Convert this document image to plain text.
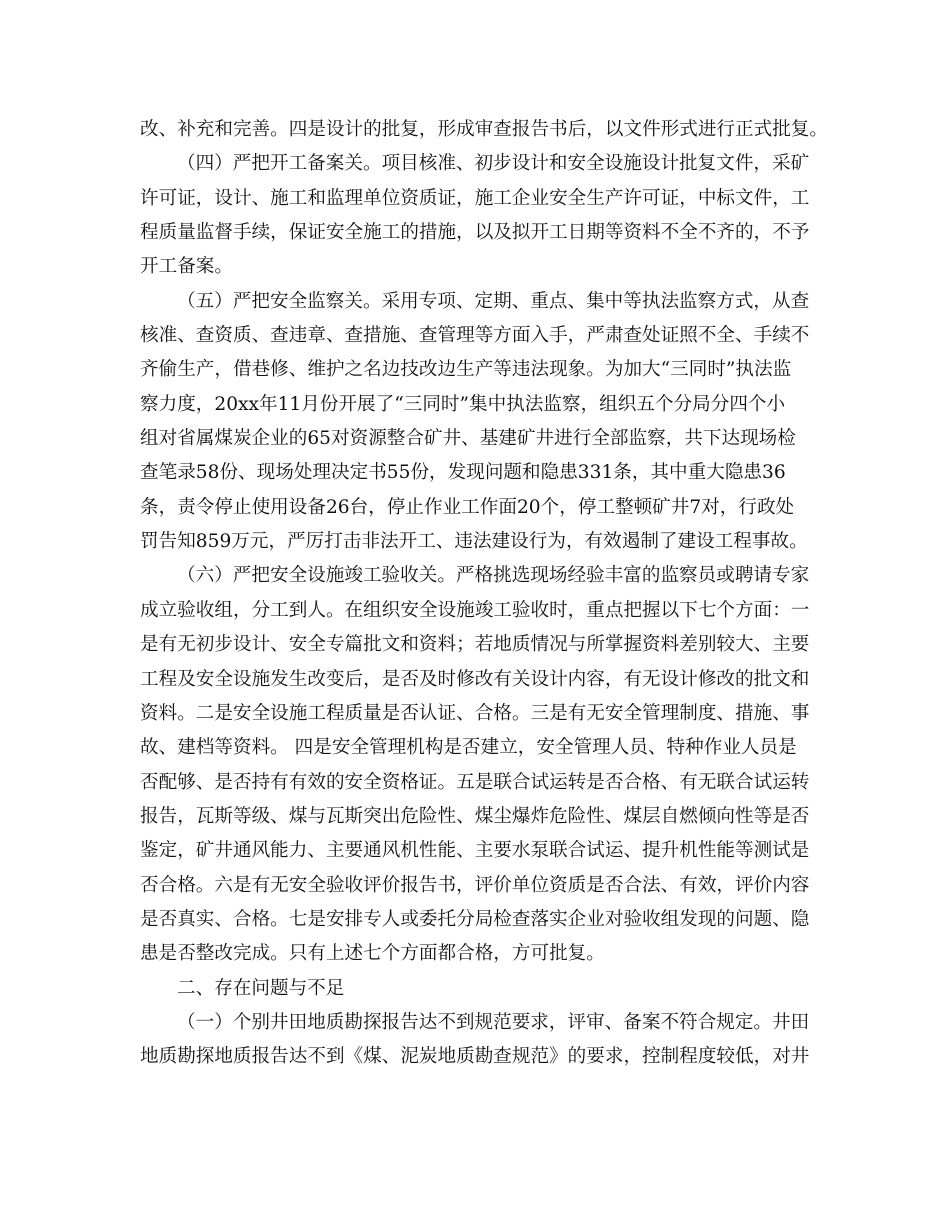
改、补充和完善。四是设计的批复，形成审查报告书后，以文件形式进行正式批复。
（四）严把开工备案关。项目核准、初步设计和安全设施设计批复文件，采矿
许可证，设计、施工和监理单位资质证，施工企业安全生产许可证，中标文件，工
程质量监督手续，保证安全施工的措施，以及拟开工日期等资料不全不齐的，不予
开工备案。
（五）严把安全监察关。采用专项、定期、重点、集中等执法监察方式，从查
核准、查资质、查违章、查措施、查管理等方面入手，严肃查处证照不全、手续不
齐偷生产，借巷修、维护之名边技改边生产等违法现象。为加大“三同时”执法监
察力度，20xx年11月份开展了“三同时”集中执法监察，组织五个分局分四个小
组对省属煤炭企业的65对资源整合矿井、基建矿井进行全部监察，共下达现场检
查笔录58份、现场处理决定书55份，发现问题和隐患331条，其中重大隐患36
条，责令停止使用设备26台，停止作业工作面20个，停工整顿矿井7对，行政处
罚告知859万元，严厉打击非法开工、违法建设行为，有效遏制了建设工程事故。
（六）严把安全设施竣工验收关。严格挑选现场经验丰富的监察员或聘请专家
成立验收组，分工到人。在组织安全设施竣工验收时，重点把握以下七个方面：一
是有无初步设计、安全专篇批文和资料；若地质情况与所掌握资料差别较大、主要
工程及安全设施发生改变后，是否及时修改有关设计内容，有无设计修改的批文和
资料。二是安全设施工程质量是否认证、合格。三是有无安全管理制度、措施、事
故、建档等资料。 四是安全管理机构是否建立，安全管理人员、特种作业人员是
否配够、是否持有有效的安全资格证。五是联合试运转是否合格、有无联合试运转
报告，瓦斯等级、煤与瓦斯突出危险性、煤尘爆炸危险性、煤层自燃倾向性等是否
鉴定，矿井通风能力、主要通风机性能、主要水泵联合试运、提升机性能等测试是
否合格。六是有无安全验收评价报告书，评价单位资质是否合法、有效，评价内容
是否真实、合格。七是安排专人或委托分局检查落实企业对验收组发现的问题、隐
患是否整改完成。只有上述七个方面都合格，方可批复。
二、存在问题与不足
（一）个别井田地质勘探报告达不到规范要求，评审、备案不符合规定。井田
地质勘探地质报告达不到《煤、泥炭地质勘查规范》的要求，控制程度较低，对井
